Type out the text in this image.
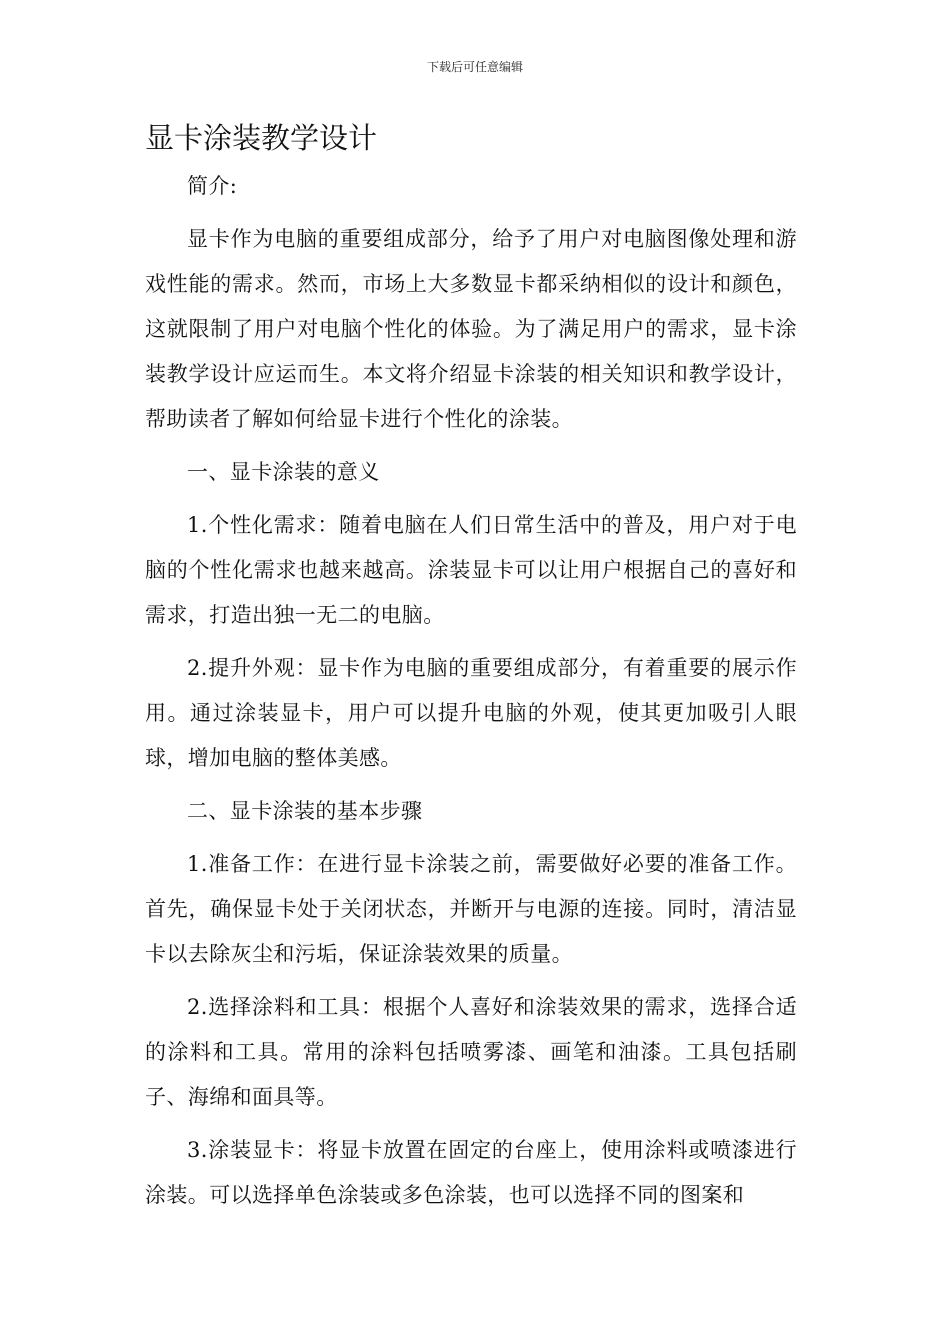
下载后可任意编辑
显卡涂装教学设计

简介:

显卡作为电脑的重要组成部分，给予了用户对电脑图像处理和游戏性能的需求。然而，市场上大多数显卡都采纳相似的设计和颜色，这就限制了用户对电脑个性化的体验。为了满足用户的需求，显卡涂装教学设计应运而生。本文将介绍显卡涂装的相关知识和教学设计，帮助读者了解如何给显卡进行个性化的涂装。

一、显卡涂装的意义

1.个性化需求：随着电脑在人们日常生活中的普及，用户对于电脑的个性化需求也越来越高。涂装显卡可以让用户根据自己的喜好和需求，打造出独一无二的电脑。

2.提升外观：显卡作为电脑的重要组成部分，有着重要的展示作用。通过涂装显卡，用户可以提升电脑的外观，使其更加吸引人眼球，增加电脑的整体美感。

二、显卡涂装的基本步骤

1.准备工作：在进行显卡涂装之前，需要做好必要的准备工作。首先，确保显卡处于关闭状态，并断开与电源的连接。同时，清洁显卡以去除灰尘和污垢，保证涂装效果的质量。

2.选择涂料和工具：根据个人喜好和涂装效果的需求，选择合适的涂料和工具。常用的涂料包括喷雾漆、画笔和油漆。工具包括刷子、海绵和面具等。

3.涂装显卡：将显卡放置在固定的台座上，使用涂料或喷漆进行涂装。可以选择单色涂装或多色涂装，也可以选择不同的图案和
